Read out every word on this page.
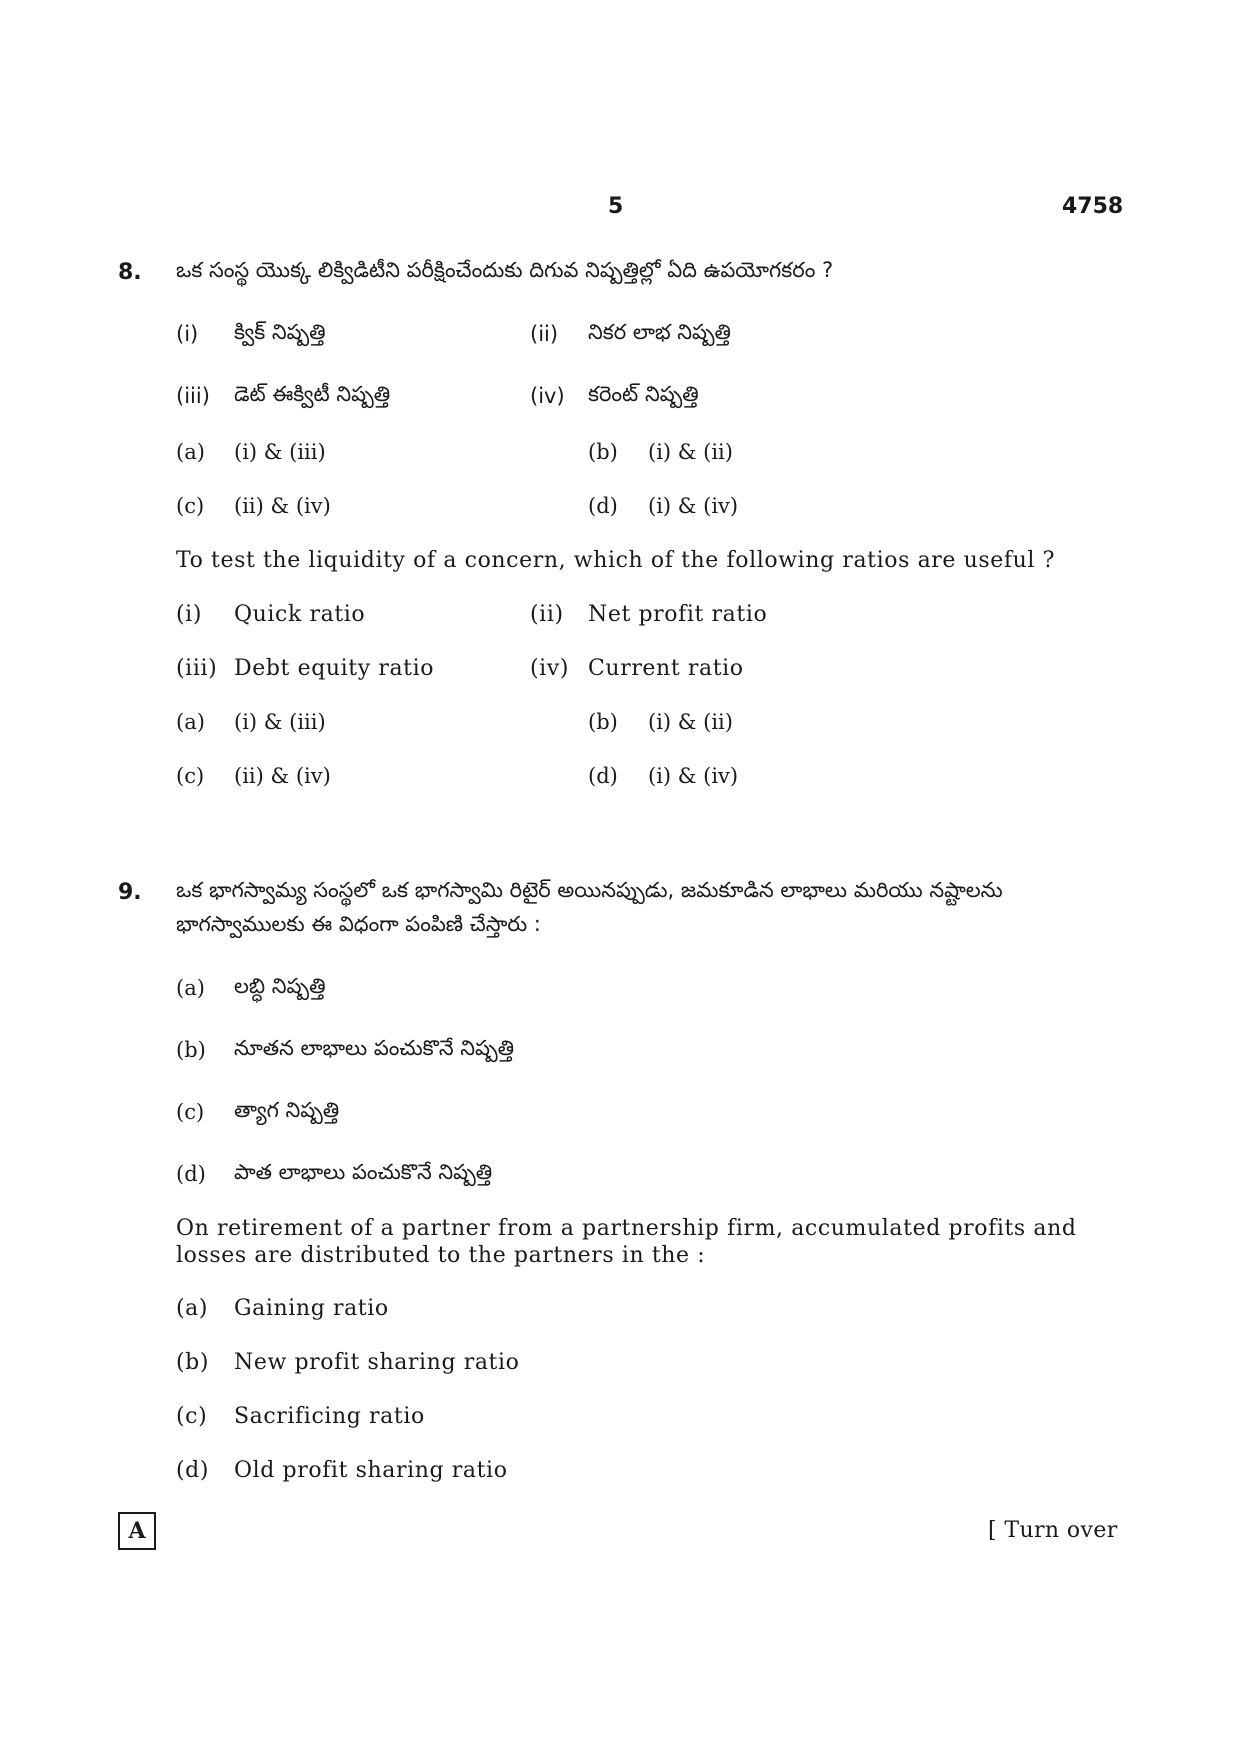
5	4758
8. ఒక సంస్థ యొక్క లిక్విడిటీని పరీక్షించేందుకు దిగువ నిష్పత్తిల్లో ఏది ఉపయోగకరం ?
(i) క్విక్ నిష్పత్తి	(ii) నికర లాభ నిష్పత్తి
(iii) డెట్ ఈక్విటీ నిష్పత్తి	(iv) కరెంట్ నిష్పత్తి
(a) (i) & (iii)	(b) (i) & (ii)
(c) (ii) & (iv)	(d) (i) & (iv)
To test the liquidity of a concern, which of the following ratios are useful ?
(i) Quick ratio	(ii) Net profit ratio
(iii) Debt equity ratio	(iv) Current ratio
(a) (i) & (iii)	(b) (i) & (ii)
(c) (ii) & (iv)	(d) (i) & (iv)
9. ఒక భాగస్వామ్య సంస్థలో ఒక భాగస్వామి రిటైర్ అయినప్పుడు, జమకూడిన లాభాలు మరియు నష్టాలను
భాగస్వాములకు ఈ విధంగా పంపిణి చేస్తారు :
(a) లబ్ధి నిష్పత్తి
(b) నూతన లాభాలు పంచుకొనే నిష్పత్తి
(c) త్యాగ నిష్పత్తి
(d) పాత లాభాలు పంచుకొనే నిష్పత్తి
On retirement of a partner from a partnership firm, accumulated profits and
losses are distributed to the partners in the :
(a) Gaining ratio
(b) New profit sharing ratio
(c) Sacrificing ratio
(d) Old profit sharing ratio
A	[ Turn over
